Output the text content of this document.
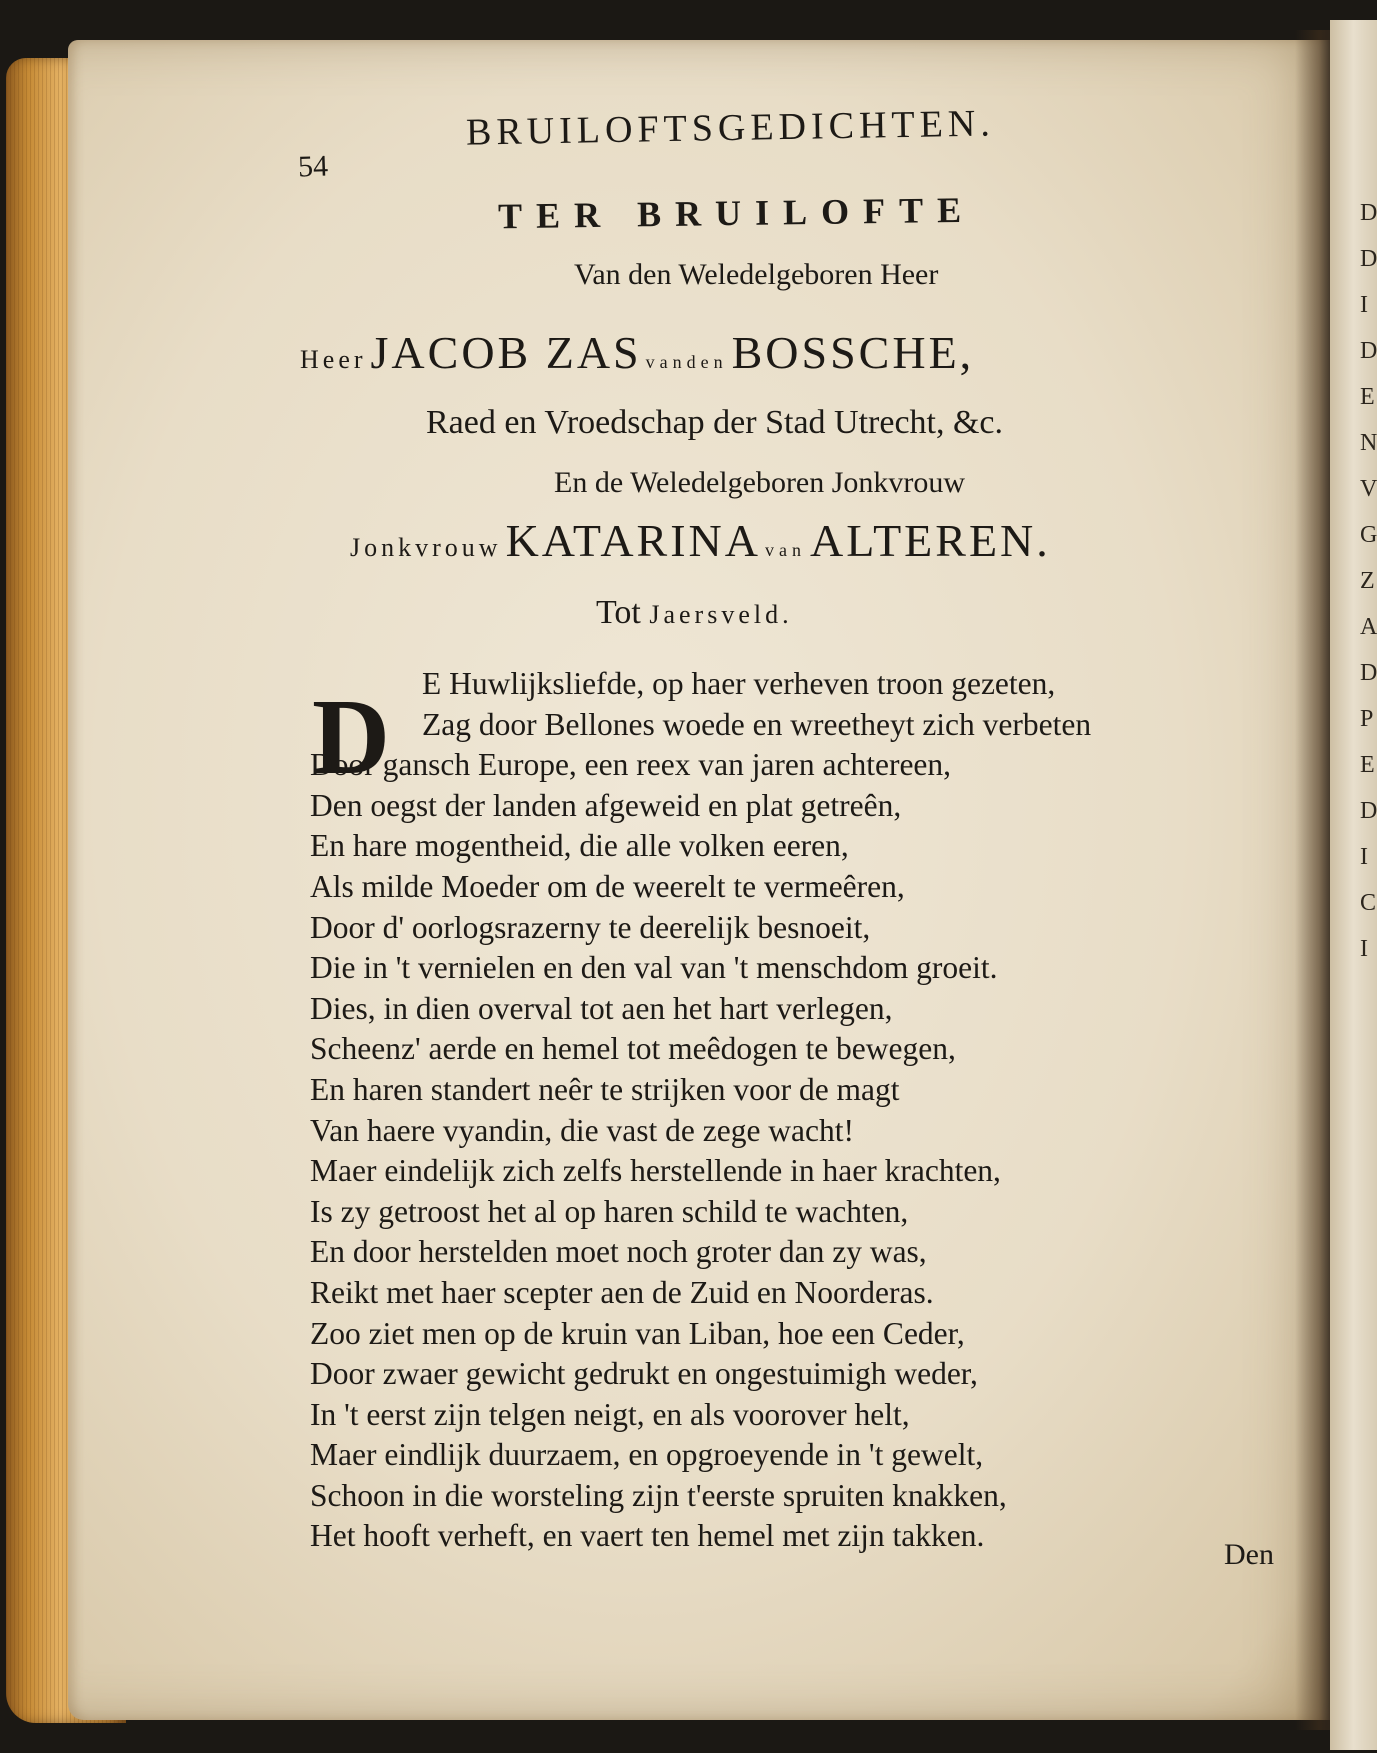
D
D
I
D
E
N
V
G
Z
A
D
P
E
D
I
C
I
54
BRUILOFTSGEDICHTEN.
TER BRUILOFTE
Van den Weledelgeboren Heer
Heer JACOB ZAS vanden BOSSCHE,
Raed en Vroedschap der Stad Utrecht, &c.
En de Weledelgeboren Jonkvrouw
Jonkvrouw KATARINA van ALTEREN.
Tot Jaersveld.
D	E Huwlijksliefde, op haer verheven troon gezeten,
Zag door Bellones woede en wreetheyt zich verbeten
Door gansch Europe, een reex van jaren achtereen,
Den oegst der landen afgeweid en plat getreên,
En hare mogentheid, die alle volken eeren,
Als milde Moeder om de weerelt te vermeêren,
Door d' oorlogsrazerny te deerelijk besnoeit,
Die in 't vernielen en den val van 't menschdom groeit.
Dies, in dien overval tot aen het hart verlegen,
Scheenz' aerde en hemel tot meêdogen te bewegen,
En haren standert neêr te strijken voor de magt
Van haere vyandin, die vast de zege wacht!
Maer eindelijk zich zelfs herstellende in haer krachten,
Is zy getroost het al op haren schild te wachten,
En door herstelden moet noch groter dan zy was,
Reikt met haer scepter aen de Zuid en Noorderas.
Zoo ziet men op de kruin van Liban, hoe een Ceder,
Door zwaer gewicht gedrukt en ongestuimigh weder,
In 't eerst zijn telgen neigt, en als voorover helt,
Maer eindlijk duurzaem, en opgroeyende in 't gewelt,
Schoon in die worsteling zijn t'eerste spruiten knakken,
Het hooft verheft, en vaert ten hemel met zijn takken.
Den
